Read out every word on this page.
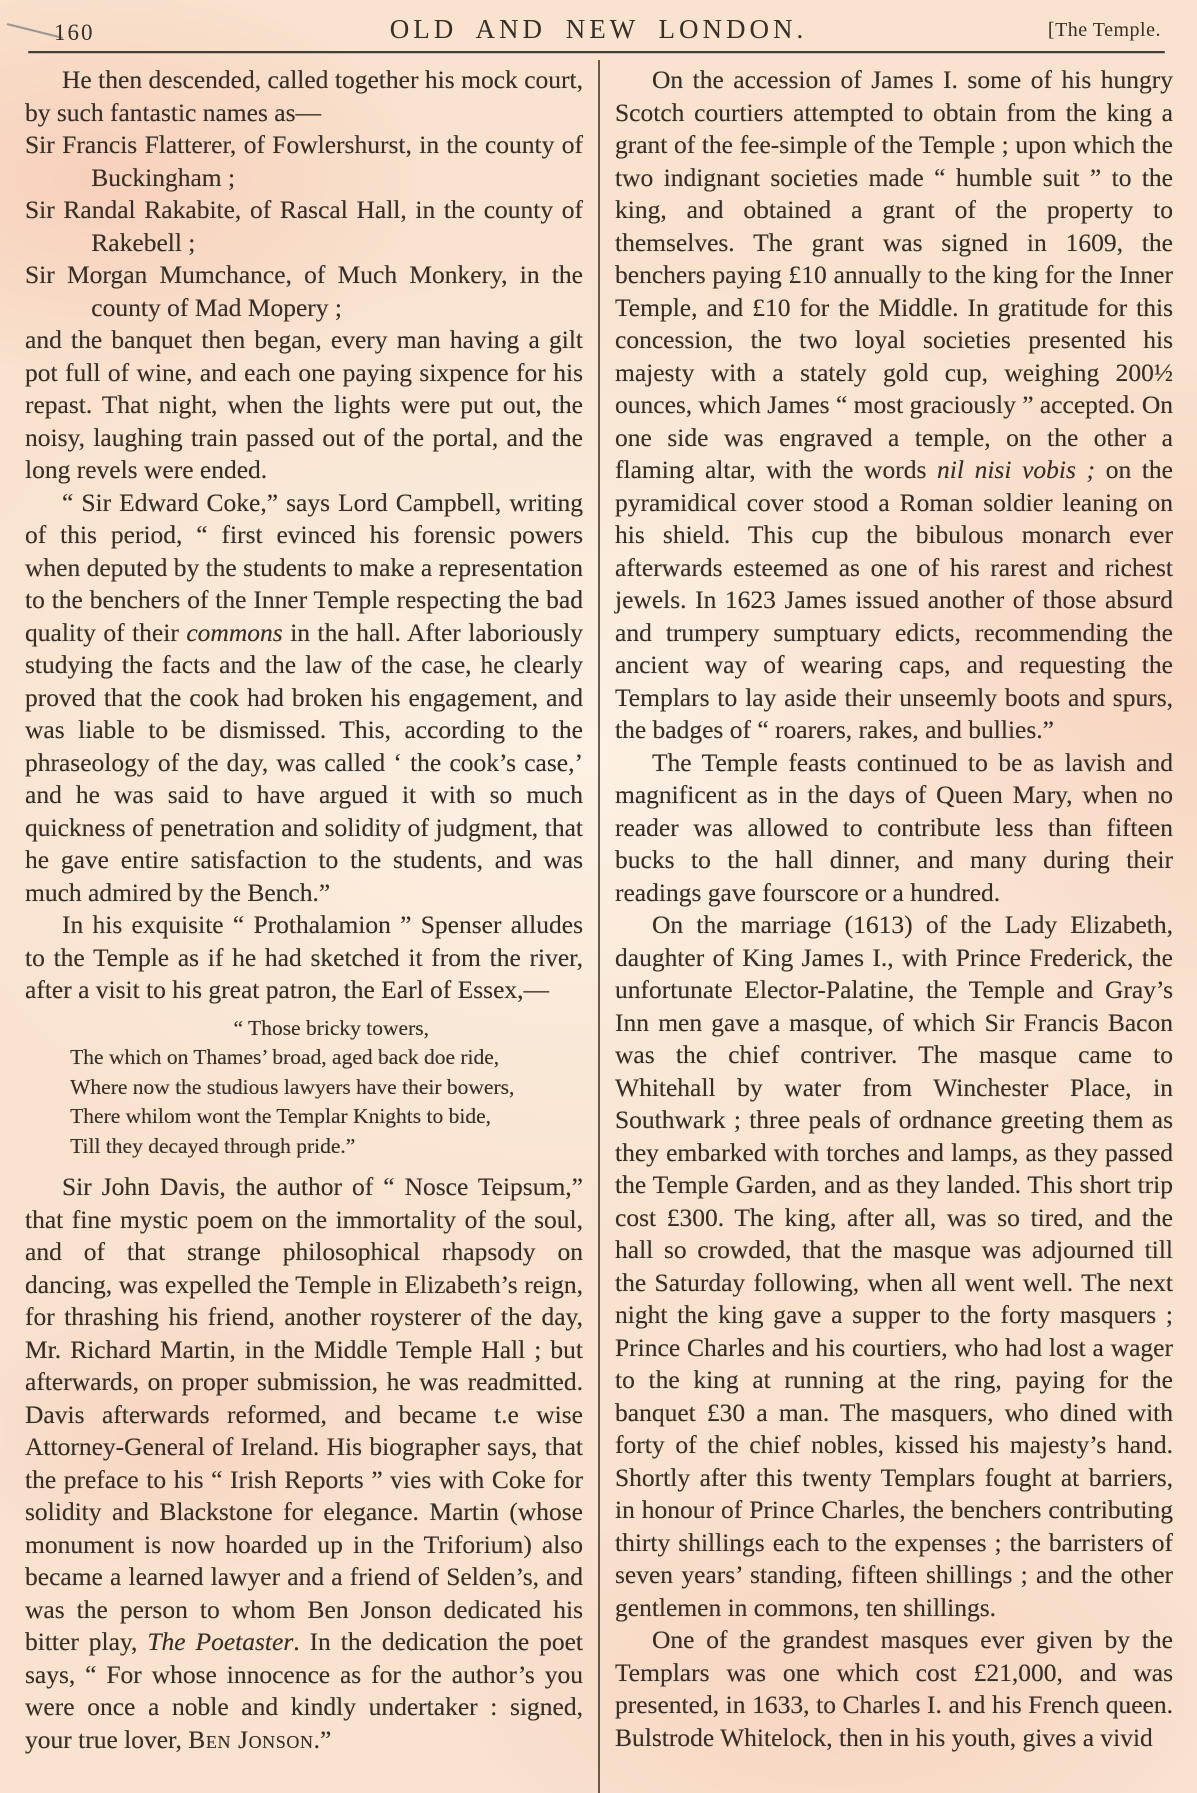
160	OLD AND NEW LONDON.	[The Temple.
He then descended, called together his mock court, by such fantastic names as—
Sir Francis Flatterer, of Fowlershurst, in the county of Buckingham ;
Sir Randal Rakabite, of Rascal Hall, in the county of Rakebell ;
Sir Morgan Mumchance, of Much Monkery, in the county of Mad Mopery ;
and the banquet then began, every man having a gilt pot full of wine, and each one paying sixpence for his repast. That night, when the lights were put out, the noisy, laughing train passed out of the portal, and the long revels were ended.
“ Sir Edward Coke,” says Lord Campbell, writing of this period, “ first evinced his forensic powers when deputed by the students to make a representation to the benchers of the Inner Temple respecting the bad quality of their commons in the hall. After laboriously studying the facts and the law of the case, he clearly proved that the cook had broken his engagement, and was liable to be dismissed. This, according to the phraseology of the day, was called ‘ the cook’s case,’ and he was said to have argued it with so much quickness of penetration and solidity of judgment, that he gave entire satisfaction to the students, and was much admired by the Bench.”
In his exquisite “ Prothalamion ” Spenser alludes to the Temple as if he had sketched it from the river, after a visit to his great patron, the Earl of Essex,—
“ Those bricky towers,
The which on Thames’ broad, aged back doe ride,
Where now the studious lawyers have their bowers,
There whilom wont the Templar Knights to bide,
Till they decayed through pride.”
Sir John Davis, the author of “ Nosce Teipsum,” that fine mystic poem on the immortality of the soul, and of that strange philosophical rhapsody on dancing, was expelled the Temple in Elizabeth’s reign, for thrashing his friend, another roysterer of the day, Mr. Richard Martin, in the Middle Temple Hall ; but afterwards, on proper submission, he was readmitted. Davis afterwards reformed, and became t.e wise Attorney-General of Ireland. His biographer says, that the preface to his “ Irish Reports ” vies with Coke for solidity and Blackstone for elegance. Martin (whose monument is now hoarded up in the Triforium) also became a learned lawyer and a friend of Selden’s, and was the person to whom Ben Jonson dedicated his bitter play, The Poetaster. In the dedication the poet says, “ For whose innocence as for the author’s you were once a noble and kindly undertaker : signed, your true lover, Ben Jonson.”
On the accession of James I. some of his hungry Scotch courtiers attempted to obtain from the king a grant of the fee-simple of the Temple ; upon which the two indignant societies made “ humble suit ” to the king, and obtained a grant of the property to themselves. The grant was signed in 1609, the benchers paying £10 annually to the king for the Inner Temple, and £10 for the Middle. In gratitude for this concession, the two loyal societies presented his majesty with a stately gold cup, weighing 200½ ounces, which James “ most graciously ” accepted. On one side was engraved a temple, on the other a flaming altar, with the words nil nisi vobis ; on the pyramidical cover stood a Roman soldier leaning on his shield. This cup the bibulous monarch ever afterwards esteemed as one of his rarest and richest jewels. In 1623 James issued another of those absurd and trumpery sumptuary edicts, recommending the ancient way of wearing caps, and requesting the Templars to lay aside their unseemly boots and spurs, the badges of “ roarers, rakes, and bullies.”
The Temple feasts continued to be as lavish and magnificent as in the days of Queen Mary, when no reader was allowed to contribute less than fifteen bucks to the hall dinner, and many during their readings gave fourscore or a hundred.
On the marriage (1613) of the Lady Elizabeth, daughter of King James I., with Prince Frederick, the unfortunate Elector-Palatine, the Temple and Gray’s Inn men gave a masque, of which Sir Francis Bacon was the chief contriver. The masque came to Whitehall by water from Winchester Place, in Southwark ; three peals of ordnance greeting them as they embarked with torches and lamps, as they passed the Temple Garden, and as they landed. This short trip cost £300. The king, after all, was so tired, and the hall so crowded, that the masque was adjourned till the Saturday following, when all went well. The next night the king gave a supper to the forty masquers ; Prince Charles and his courtiers, who had lost a wager to the king at running at the ring, paying for the banquet £30 a man. The masquers, who dined with forty of the chief nobles, kissed his majesty’s hand. Shortly after this twenty Templars fought at barriers, in honour of Prince Charles, the benchers contributing thirty shillings each to the expenses ; the barristers of seven years’ standing, fifteen shillings ; and the other gentlemen in commons, ten shillings.
One of the grandest masques ever given by the Templars was one which cost £21,000, and was presented, in 1633, to Charles I. and his French queen. Bulstrode Whitelock, then in his youth, gives a vivid
